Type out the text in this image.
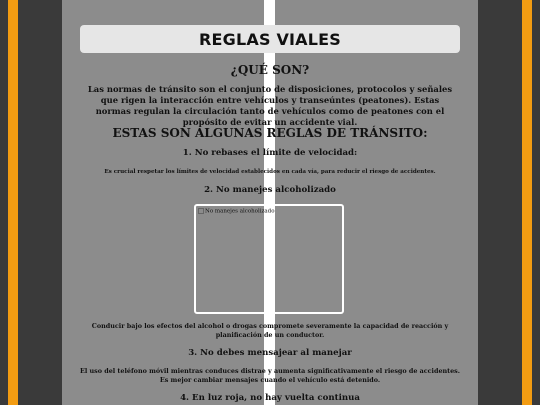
REGLAS VIALES
¿QUÉ SON?
Las normas de tránsito son el conjunto de disposiciones, protocolos y señales que rigen la interacción entre vehículos y transeúntes (peatones). Estas normas regulan la circulación tanto de vehículos como de peatones con el propósito de evitar un accidente vial.
ESTAS SON ALGUNAS REGLAS DE TRÁNSITO:
1. No rebases el límite de velocidad:
Es crucial respetar los límites de velocidad establecidos en cada vía, para reducir el riesgo de accidentes.
2. No manejes alcoholizado
No manejes alcoholizado
Conducir bajo los efectos del alcohol o drogas compromete severamente la capacidad de reacción y planificación de un conductor.
3. No debes mensajear al manejar
El uso del teléfono móvil mientras conduces distrae y aumenta significativamente el riesgo de accidentes. Es mejor cambiar mensajes cuando el vehículo está detenido.
4. En luz roja, no hay vuelta continua
